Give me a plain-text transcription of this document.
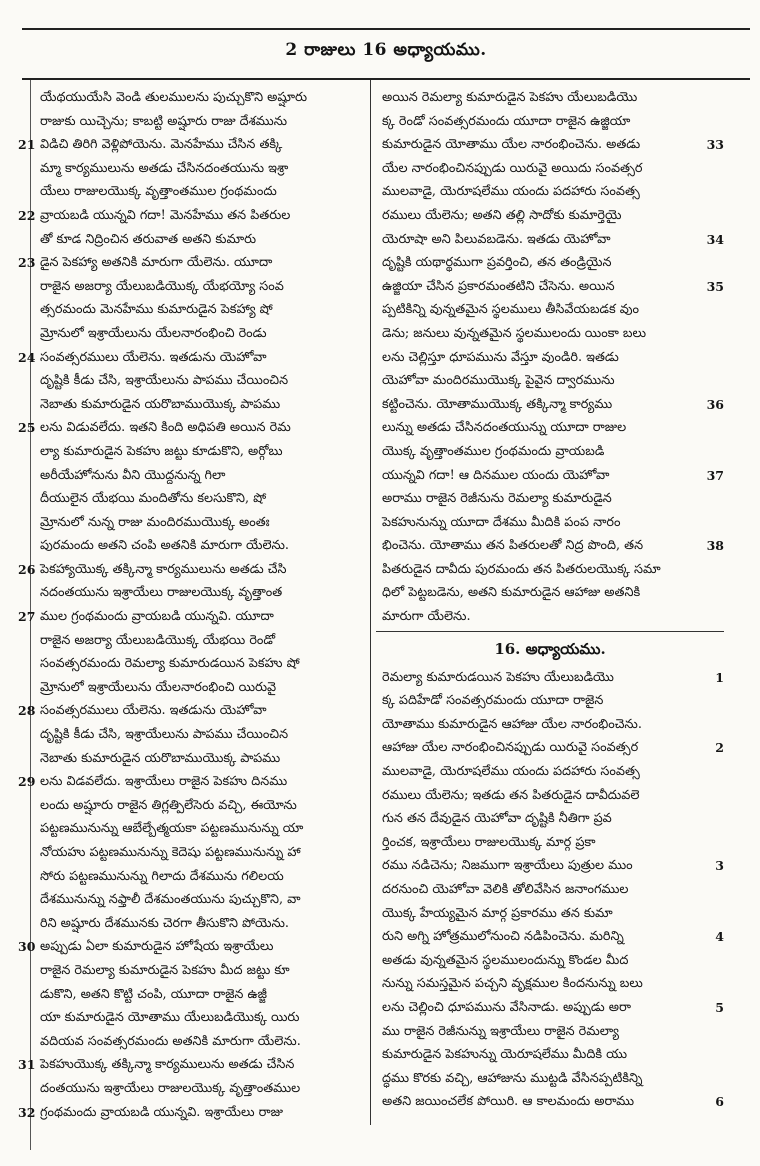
2 రాజులు 16 అధ్యాయము.
యేథయుయేసి వెండి తులములను పుచ్చుకొని అష్షూరు
రాజుకు యిచ్చెను; కాబట్టి అష్షూరు రాజు దేశమును
21 విడిచి తిరిగి వెళ్లిపోయెను. మెనహేము చేసిన తక్కి
మ్మా కార్యములును అతడు చేసినదంతయును ఇశ్రా
యేలు రాజులయొక్క వృత్తాంతముల గ్రంథమందు
22 వ్రాయబడి యున్నవి గదా! మెనహేము తన పితరుల
తో కూడ నిద్రించిన తరువాత అతని కుమారు
23 డైన పెకహ్యా అతనికి మారుగా యేలెను. యూదా
రాజైన అజర్యా యేలుబడియొక్క యేభయ్యో సంవ
త్సరమందు మెనహేము కుమారుడైన పెకహ్యా షో
మ్రోనులో ఇశ్రాయేలును యేలనారంభించి రెండు
24 సంవత్సరములు యేలెను. ఇతడును యెహోవా
దృష్టికి కీడు చేసి, ఇశ్రాయేలును పాపము చేయించిన
నెబాతు కుమారుడైన యరొబాముయొక్క పాపము
25 లను విడువలేదు. ఇతని కింది అధిపతి అయిన రెమ
ల్యా కుమారుడైన పెకహు జట్టు కూడుకొని, అర్గోబు
అరీయేహోనును వీని యొద్దనున్న గిలా
దీయులైన యేభయి మందితోను కలసుకొని, షో
మ్రోనులో నున్న రాజు మందిరముయొక్క అంతః
పురమందు అతని చంపి అతనికి మారుగా యేలెను.
26 పెకహ్యాయొక్క తక్కిన్మా కార్యములును అతడు చేసి
నదంతయును ఇశ్రాయేలు రాజులయొక్క వృత్తాంత
27 ముల గ్రంథమందు వ్రాయబడి యున్నవి. యూదా
రాజైన అజర్యా యేలుబడియొక్క యేభయి రెండో
సంవత్సరమందు రెమల్యా కుమారుడయిన పెకహు షో
మ్రోనులో ఇశ్రాయేలును యేలనారంభించి యిరువై
28 సంవత్సరములు యేలెను. ఇతడును యెహోవా
దృష్టికి కీడు చేసి, ఇశ్రాయేలును పాపము చేయించిన
నెబాతు కుమారుడైన యరొబాముయొక్క పాపము
29 లను విడవలేదు. ఇశ్రాయేలు రాజైన పెకహు దినము
లందు అష్షూరు రాజైన తిగ్లత్పిలేసెరు వచ్చి, ఈయోను
పట్టణమునున్ను ఆబేల్బేత్మయకా పట్టణమునున్ను యా
నోయహు పట్టణమునున్ను కెదెషు పట్టణమునున్ను హా
సోరు పట్టణమునున్ను గిలాదు దేశమును గలిలయ
దేశమునున్ను నఫ్తాలీ దేశమంతయును పుచ్చుకొని, వా
రిని అష్షూరు దేశమునకు చెరగా తీసుకొని పోయెను.
30 అప్పుడు ఏలా కుమారుడైన హోషేయ ఇశ్రాయేలు
రాజైన రెమల్యా కుమారుడైన పెకహు మీద జట్టు కూ
డుకొని, అతని కొట్టి చంపి, యూదా రాజైన ఉజ్జీ
యా కుమారుడైన యోతాము యేలుబడియొక్క యిరు
వదియవ సంవత్సరమందు అతనికి మారుగా యేలెను.
31 పెకహుయొక్క తక్కిన్మా కార్యములును అతడు చేసిన
దంతయును ఇశ్రాయేలు రాజులయొక్క వృత్తాంతముల
32 గ్రంథమందు వ్రాయబడి యున్నవి. ఇశ్రాయేలు రాజు
అయిన రెమల్యా కుమారుడైన పెకహు యేలుబడియొ
క్క రెండో సంవత్సరమందు యూదా రాజైన ఉజ్జియా
33
కుమారుడైన యోతాము యేల నారంభించెను. అతడు
యేల నారంభించినప్పుడు యిరువై అయిదు సంవత్సర
ములవాడై, యెరూషలేము యందు పదహారు సంవత్స
రములు యేలెను; అతని తల్లి సాదోకు కుమార్తెయై
34
యెరూషా అని పిలువబడెను. ఇతడు యెహోవా
దృష్టికి యథార్థముగా ప్రవర్తించి, తన తండ్రియైన
35
ఉజ్జియా చేసిన ప్రకారమంతటిని చేసెను. అయిన
ప్పటికిన్ని వున్నతమైన స్థలములు తీసివేయబడక వుం
డెను; జనులు వున్నతమైన స్థలములందు యింకా బలు
లను చెల్లిస్తూ ధూపమును వేస్తూ వుండిరి. ఇతడు
యెహోవా మందిరముయొక్క పైవైన ద్వారమును
36
కట్టించెను. యోతాముయొక్క తక్కిన్మా కార్యము
లున్ను అతడు చేసినదంతయున్ను యూదా రాజుల
యొక్క వృత్తాంతముల గ్రంథమందు వ్రాయబడి
37
యున్నవి గదా! ఆ దినముల యందు యెహోవా
అరాము రాజైన రెజీనును రెమల్యా కుమారుడైన
పెకహునున్ను యూదా దేశము మీదికి పంప నారం
38
భించెను. యోతాము తన పితరులతో నిద్ర పొంది, తన
పితరుడైన దావీదు పురమందు తన పితరులయొక్క సమా
ధిలో పెట్టబడెను, అతని కుమారుడైన ఆహాజు అతనికి
మారుగా యేలెను.
16. అధ్యాయము.
1
రెమల్యా కుమారుడయిన పెకహు యేలుబడియొ
క్క పదిహేడో సంవత్సరమందు యూదా రాజైన
యోతాము కుమారుడైన ఆహాజు యేల నారంభించెను.
2
ఆహాజు యేల నారంభించినప్పుడు యిరువై సంవత్సర
ములవాడై, యెరూషలేము యందు పదహారు సంవత్స
రములు యేలెను; ఇతడు తన పితరుడైన దావీదువలె
గున తన దేవుడైన యెహోవా దృష్టికి నీతిగా ప్రవ
ర్తించక, ఇశ్రాయేలు రాజులయొక్క మార్గ ప్రకా
3
రము నడిచెను; నిజముగా ఇశ్రాయేలు పుత్రుల ముం
దరనుంచి యెహోవా వెలికి తోలివేసిన జనాంగముల
యొక్క హేయ్యమైన మార్గ ప్రకారము తన కుమా
4
రుని అగ్ని హోత్రములోనుంచి నడిపించెను. మరిన్ని
అతడు వున్నతమైన స్థలములందున్ను కొండల మీద
నున్ను సమస్తమైన పచ్చని వృక్షముల కిందనున్ను బలు
5
లను చెల్లించి ధూపమును వేసినాడు. అప్పుడు అరా
ము రాజైన రెజీనున్ను ఇశ్రాయేలు రాజైన రెమల్యా
కుమారుడైన పెకహున్ను యెరూషలేము మీదికి యు
ద్ధము కొరకు వచ్చి, ఆహాజును ముట్టడి వేసినప్పటికిన్ని
6
అతని జయించలేక పోయిరి. ఆ కాలమందు అరాము
